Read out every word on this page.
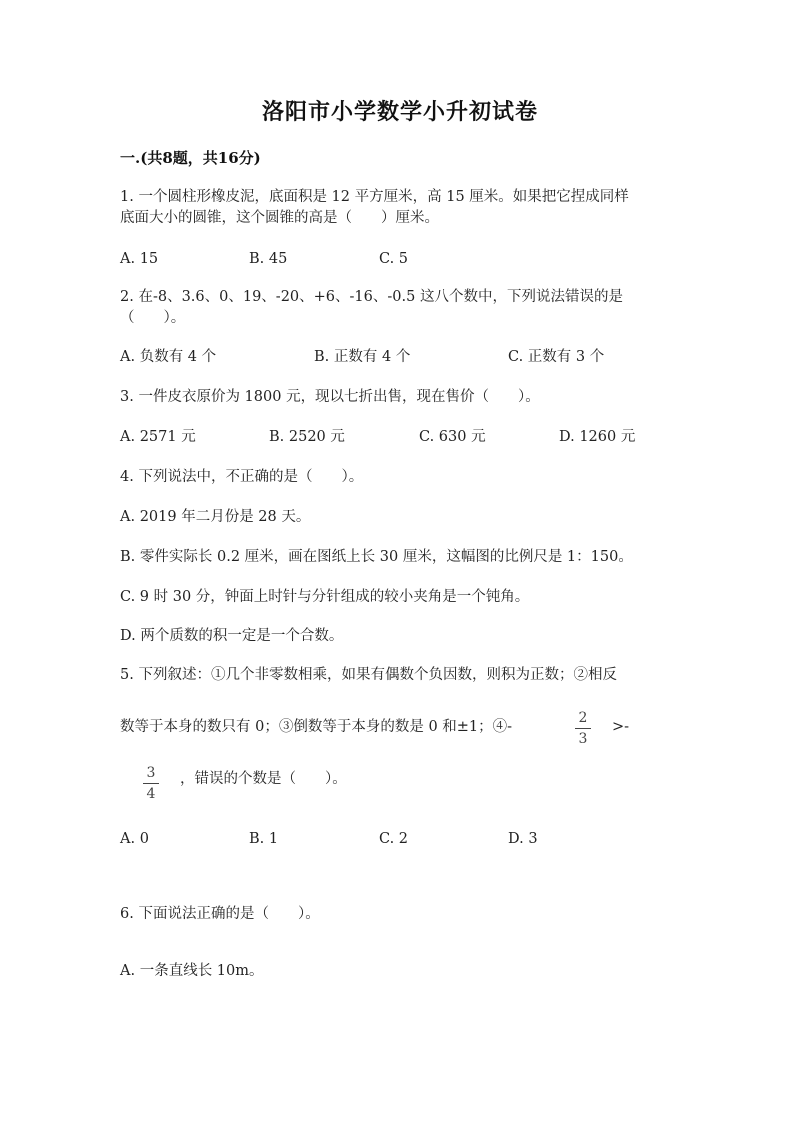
洛阳市小学数学小升初试卷
一.(共8题，共16分)
1. 一个圆柱形橡皮泥，底面积是 12 平方厘米，高 15 厘米。如果把它捏成同样
底面大小的圆锥，这个圆锥的高是（　　）厘米。
A. 15	B. 45	C. 5
2. 在-8、3.6、0、19、-20、+6、-16、-0.5 这八个数中，下列说法错误的是
（　　）。
A. 负数有 4 个	B. 正数有 4 个	C. 正数有 3 个
3. 一件皮衣原价为 1800 元，现以七折出售，现在售价（　　）。
A. 2571 元	B. 2520 元	C. 630 元	D. 1260 元
4. 下列说法中，不正确的是（　　）。
A. 2019 年二月份是 28 天。
B. 零件实际长 0.2 厘米，画在图纸上长 30 厘米，这幅图的比例尺是 1：150。
C. 9 时 30 分，钟面上时针与分针组成的较小夹角是一个钝角。
D. 两个质数的积一定是一个合数。
5. 下列叙述：①几个非零数相乘，如果有偶数个负因数，则积为正数；②相反
数等于本身的数只有 0；③倒数等于本身的数是 0 和±1；④-
2
3
>-
3
4
，错误的个数是（　　）。
A. 0	B. 1	C. 2	D. 3
6. 下面说法正确的是（　　）。
A. 一条直线长 10m。
